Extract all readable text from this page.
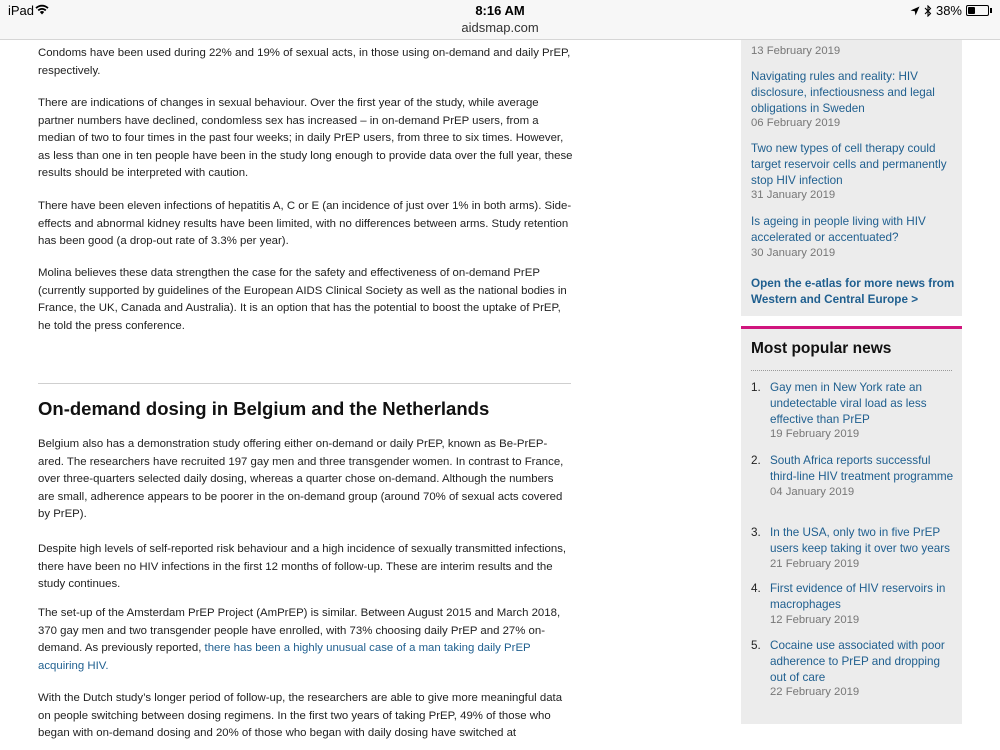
iPad	8:16 AM
aidsmap.com
38%

Condoms have been used during 22% and 19% of sexual acts, in those using on-demand and daily PrEP, respectively.

There are indications of changes in sexual behaviour. Over the first year of the study, while average partner numbers have declined, condomless sex has increased – in on-demand PrEP users, from a median of two to four times in the past four weeks; in daily PrEP users, from three to six times. However, as less than one in ten people have been in the study long enough to provide data over the full year, these results should be interpreted with caution.

There have been eleven infections of hepatitis A, C or E (an incidence of just over 1% in both arms). Side-effects and abnormal kidney results have been limited, with no differences between arms. Study retention has been good (a drop-out rate of 3.3% per year).

Molina believes these data strengthen the case for the safety and effectiveness of on-demand PrEP (currently supported by guidelines of the European AIDS Clinical Society as well as the national bodies in France, the UK, Canada and Australia). It is an option that has the potential to boost the uptake of PrEP, he told the press conference.

On-demand dosing in Belgium and the Netherlands

Belgium also has a demonstration study offering either on-demand or daily PrEP, known as Be-PrEP-ared. The researchers have recruited 197 gay men and three transgender women. In contrast to France, over three-quarters selected daily dosing, whereas a quarter chose on-demand. Although the numbers are small, adherence appears to be poorer in the on-demand group (around 70% of sexual acts covered by PrEP).

Despite high levels of self-reported risk behaviour and a high incidence of sexually transmitted infections, there have been no HIV infections in the first 12 months of follow-up. These are interim results and the study continues.

The set-up of the Amsterdam PrEP Project (AmPrEP) is similar. Between August 2015 and March 2018, 370 gay men and two transgender people have enrolled, with 73% choosing daily PrEP and 27% on-demand. As previously reported, there has been a highly unusual case of a man taking daily PrEP acquiring HIV.

With the Dutch study’s longer period of follow-up, the researchers are able to give more meaningful data on people switching between dosing regimens. In the first two years of taking PrEP, 49% of those who began with on-demand dosing and 20% of those who began with daily dosing have switched at

13 February 2019
Navigating rules and reality: HIV disclosure, infectiousness and legal obligations in Sweden
06 February 2019
Two new types of cell therapy could target reservoir cells and permanently stop HIV infection
31 January 2019
Is ageing in people living with HIV accelerated or accentuated?
30 January 2019
Open the e-atlas for more news from Western and Central Europe >
Most popular news
1. Gay men in New York rate an undetectable viral load as less effective than PrEP
19 February 2019
2. South Africa reports successful third-line HIV treatment programme
04 January 2019
3. In the USA, only two in five PrEP users keep taking it over two years
21 February 2019
4. First evidence of HIV reservoirs in macrophages
12 February 2019
5. Cocaine use associated with poor adherence to PrEP and dropping out of care
22 February 2019
